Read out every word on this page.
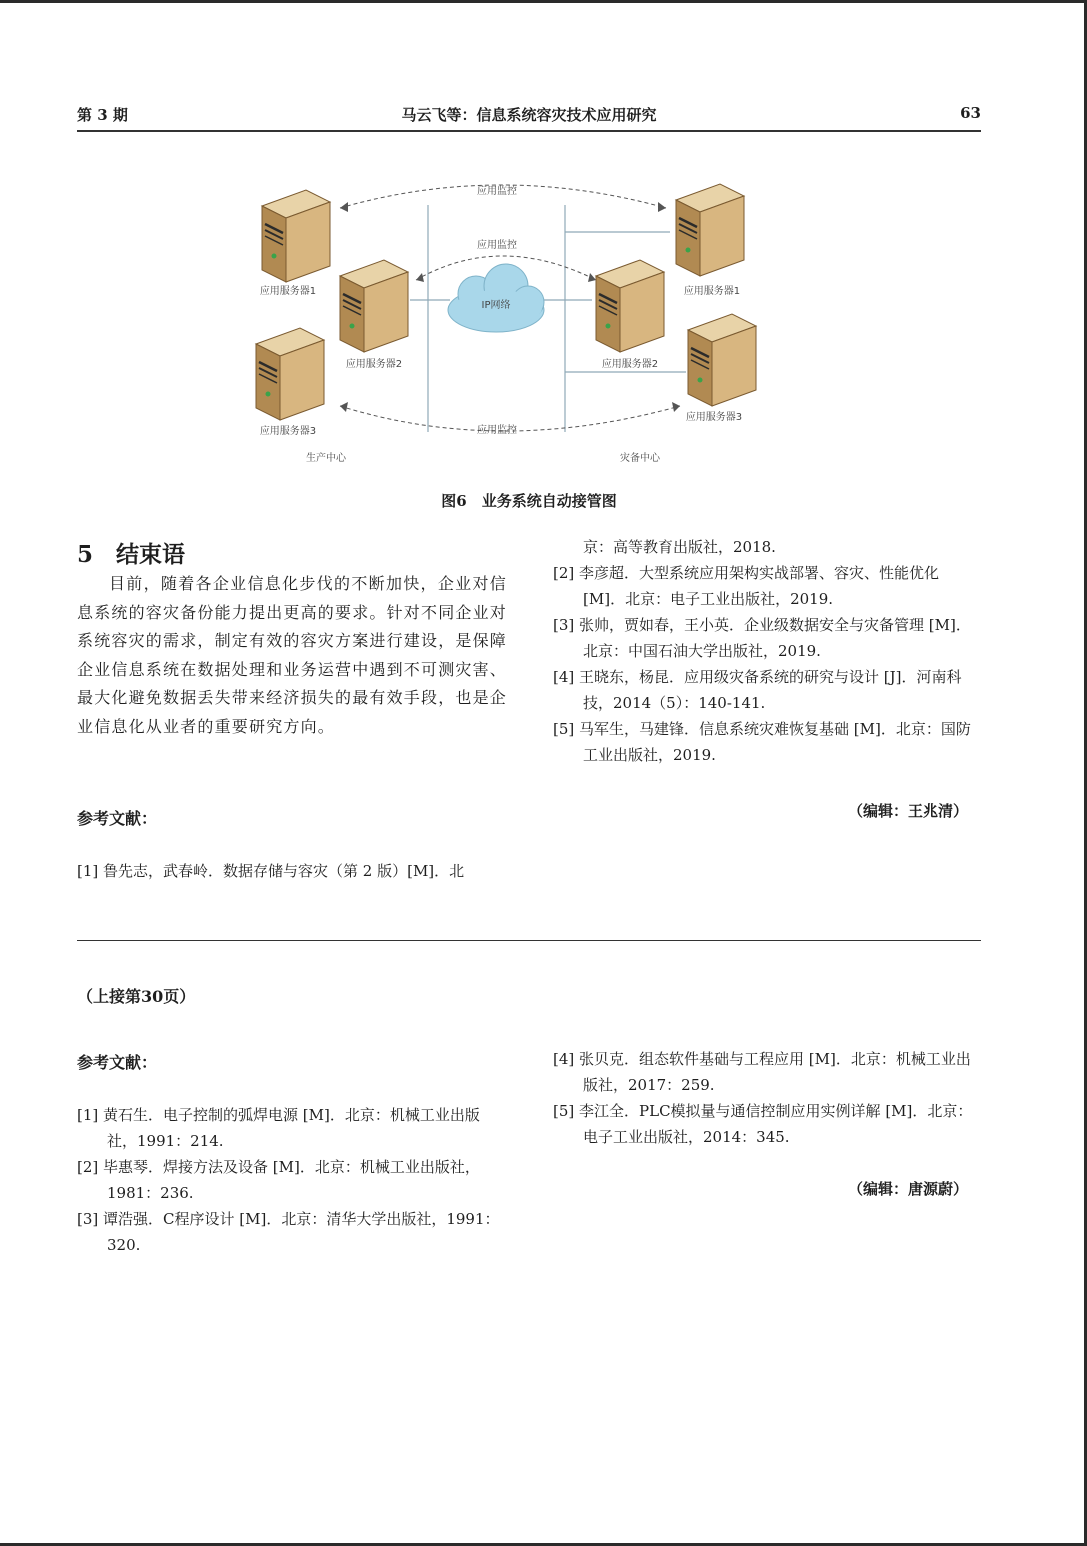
马云飞等：信息系统容灾技术应用研究
第 3 期	63
应用监控
应用监控
应用监控
IP网络
应用服务器1
应用服务器2
应用服务器3
应用服务器1
应用服务器2
应用服务器3
生产中心	灾备中心
图6　业务系统自动接管图
5　结束语
目前，随着各企业信息化步伐的不断加快，企业对信息系统的容灾备份能力提出更高的要求。针对不同企业对系统容灾的需求，制定有效的容灾方案进行建设，是保障企业信息系统在数据处理和业务运营中遇到不可测灾害、最大化避免数据丢失带来经济损失的最有效手段，也是企业信息化从业者的重要研究方向。
参考文献：
[1] 鲁先志，武春岭．数据存储与容灾（第 2 版）[M]．北
　　京：高等教育出版社，2018.
[2] 李彦超．大型系统应用架构实战部署、容灾、性能优化 [M]．北京：电子工业出版社，2019.
[3] 张帅，贾如春，王小英．企业级数据安全与灾备管理 [M]．北京：中国石油大学出版社，2019.
[4] 王晓东，杨昆．应用级灾备系统的研究与设计 [J]．河南科技，2014（5）：140-141.
[5] 马军生，马建锋．信息系统灾难恢复基础 [M]．北京：国防工业出版社，2019.
（编辑：王兆清）
（上接第30页）
参考文献：
[1] 黄石生．电子控制的弧焊电源 [M]．北京：机械工业出版社，1991：214.
[2] 毕惠琴．焊接方法及设备 [M]．北京：机械工业出版社，1981：236.
[3] 谭浩强．C程序设计 [M]．北京：清华大学出版社，1991：320.
[4] 张贝克．组态软件基础与工程应用 [M]．北京：机械工业出版社，2017：259.
[5] 李江全．PLC模拟量与通信控制应用实例详解 [M]．北京：电子工业出版社，2014：345.
（编辑：唐源蔚）
